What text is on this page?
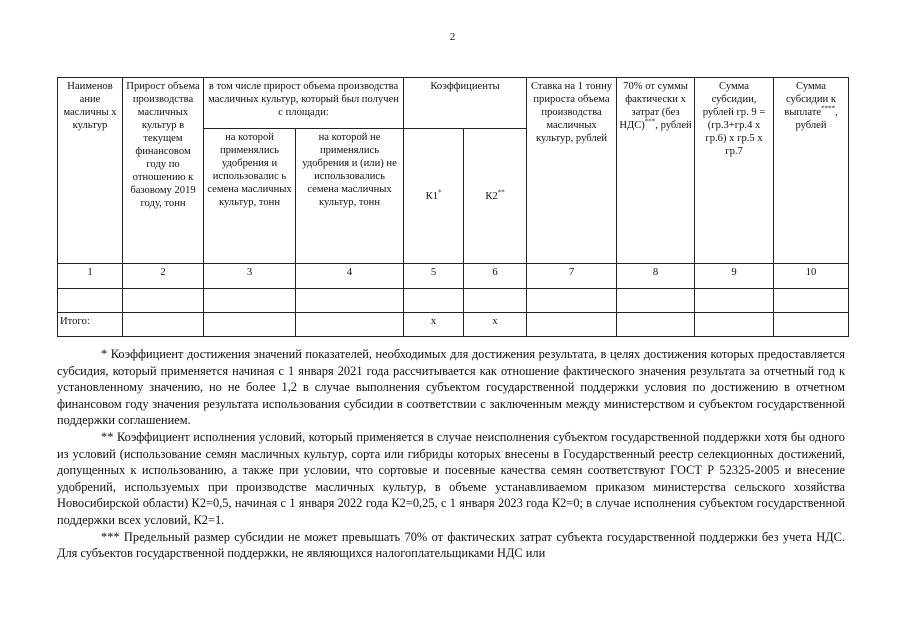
2
Наименов ание масличны х культур	Прирост объема производства масличных культур в текущем финансовом году по отношению к базовому 2019 году, тонн	в том числе прирост объема производства масличных культур, который был получен с площади:		Коэффициенты		Ставка на 1 тонну прироста объема производства масличных культур, рублей	70% от суммы фактически х затрат (без НДС)***, рублей	Сумма субсидии, рублей гр. 9 = (гр.3+гр.4 х гр.6) х гр.5 х гр.7	Сумма субсидии к выплате****, рублей
		на которой применялись удобрения и использовалис ь семена масличных культур, тонн	на которой не применялись удобрения и (или) не использовались семена масличных культур, тонн	К1*	К2**
1	2	3	4	5	6	7	8	9	10

Итого:				х	х				

* Коэффициент достижения значений показателей, необходимых для достижения результата, в целях достижения которых предоставляется субсидия, который применяется начиная с 1 января 2021 года рассчитывается как отношение фактического значения результата за отчетный год к установленному значению, но не более 1,2 в случае выполнения субъектом государственной поддержки условия по достижению в отчетном финансовом году значения результата использования субсидии в соответствии с заключенным между министерством и субъектом государственной поддержки соглашением.

** Коэффициент исполнения условий, который применяется в случае неисполнения субъектом государственной поддержки хотя бы одного из условий (использование семян масличных культур, сорта или гибриды которых внесены в Государственный реестр селекционных достижений, допущенных к использованию, а также при условии, что сортовые и посевные качества семян соответствуют ГОСТ Р 52325-2005 и внесение удобрений, используемых при производстве масличных культур, в объеме устанавливаемом приказом министерства сельского хозяйства Новосибирской области) К2=0,5, начиная с 1 января 2022 года К2=0,25, с 1 января 2023 года К2=0; в случае исполнения субъектом государственной поддержки всех условий, К2=1.

*** Предельный размер субсидии не может превышать 70% от фактических затрат субъекта государственной поддержки без учета НДС. Для субъектов государственной поддержки, не являющихся налогоплательщиками НДС или
